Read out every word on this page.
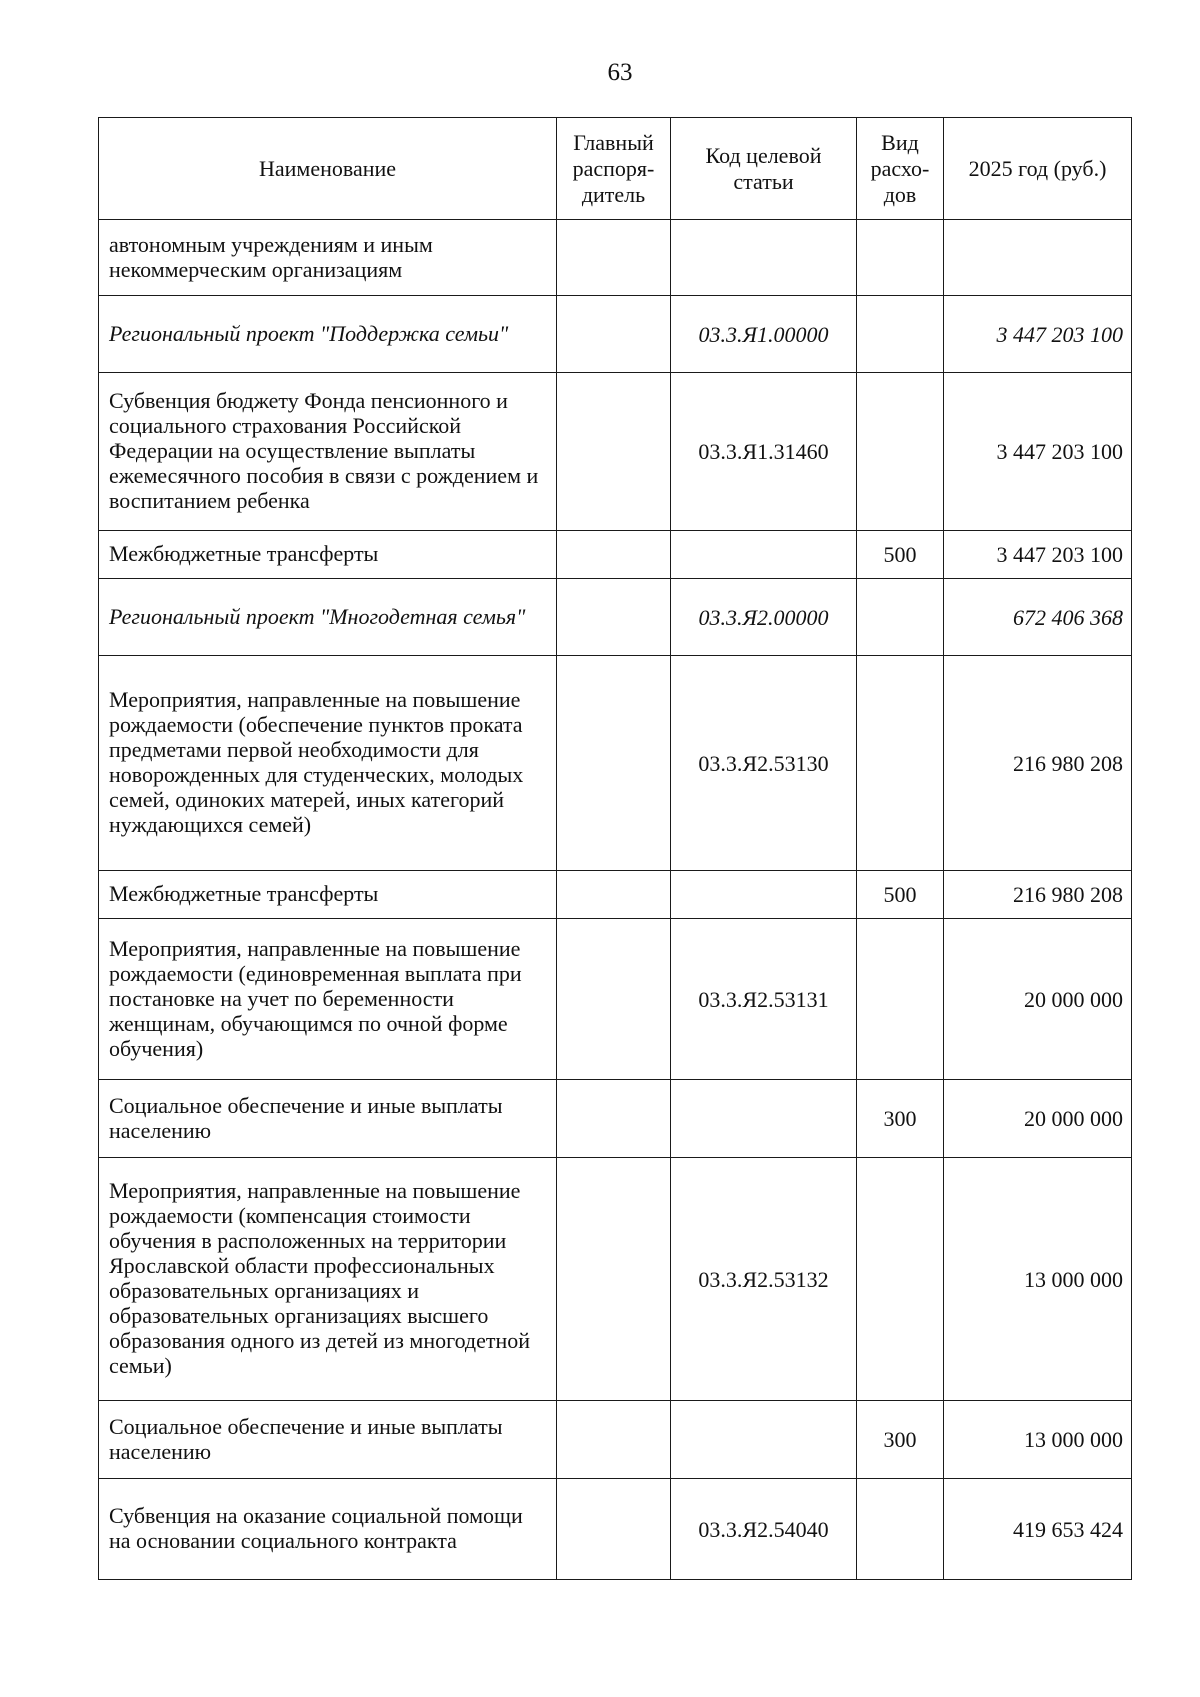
63
Наименование	Главный распоря-дитель	Код целевой статьи	Вид расхо-дов	2025 год (руб.)
автономным учреждениям и иным некоммерческим организациям				
Региональный проект "Поддержка семьи"		03.3.Я1.00000		3 447 203 100
Субвенция бюджету Фонда пенсионного и социального страхования Российской Федерации на осуществление выплаты ежемесячного пособия в связи с рождением и воспитанием ребенка		03.3.Я1.31460		3 447 203 100
Межбюджетные трансферты			500	3 447 203 100
Региональный проект "Многодетная семья"		03.3.Я2.00000		672 406 368
Мероприятия, направленные на повышение рождаемости (обеспечение пунктов проката предметами первой необходимости для новорожденных для студенческих, молодых семей, одиноких матерей, иных категорий нуждающихся семей)		03.3.Я2.53130		216 980 208
Межбюджетные трансферты			500	216 980 208
Мероприятия, направленные на повышение рождаемости (единовременная выплата при постановке на учет по беременности женщинам, обучающимся по очной форме обучения)		03.3.Я2.53131		20 000 000
Социальное обеспечение и иные выплаты населению			300	20 000 000
Мероприятия, направленные на повышение рождаемости (компенсация стоимости обучения в расположенных на территории Ярославской области профессиональных образовательных организациях и образовательных организациях высшего образования одного из детей из многодетной семьи)		03.3.Я2.53132		13 000 000
Социальное обеспечение и иные выплаты населению			300	13 000 000
Субвенция на оказание социальной помощи на основании социального контракта		03.3.Я2.54040		419 653 424
